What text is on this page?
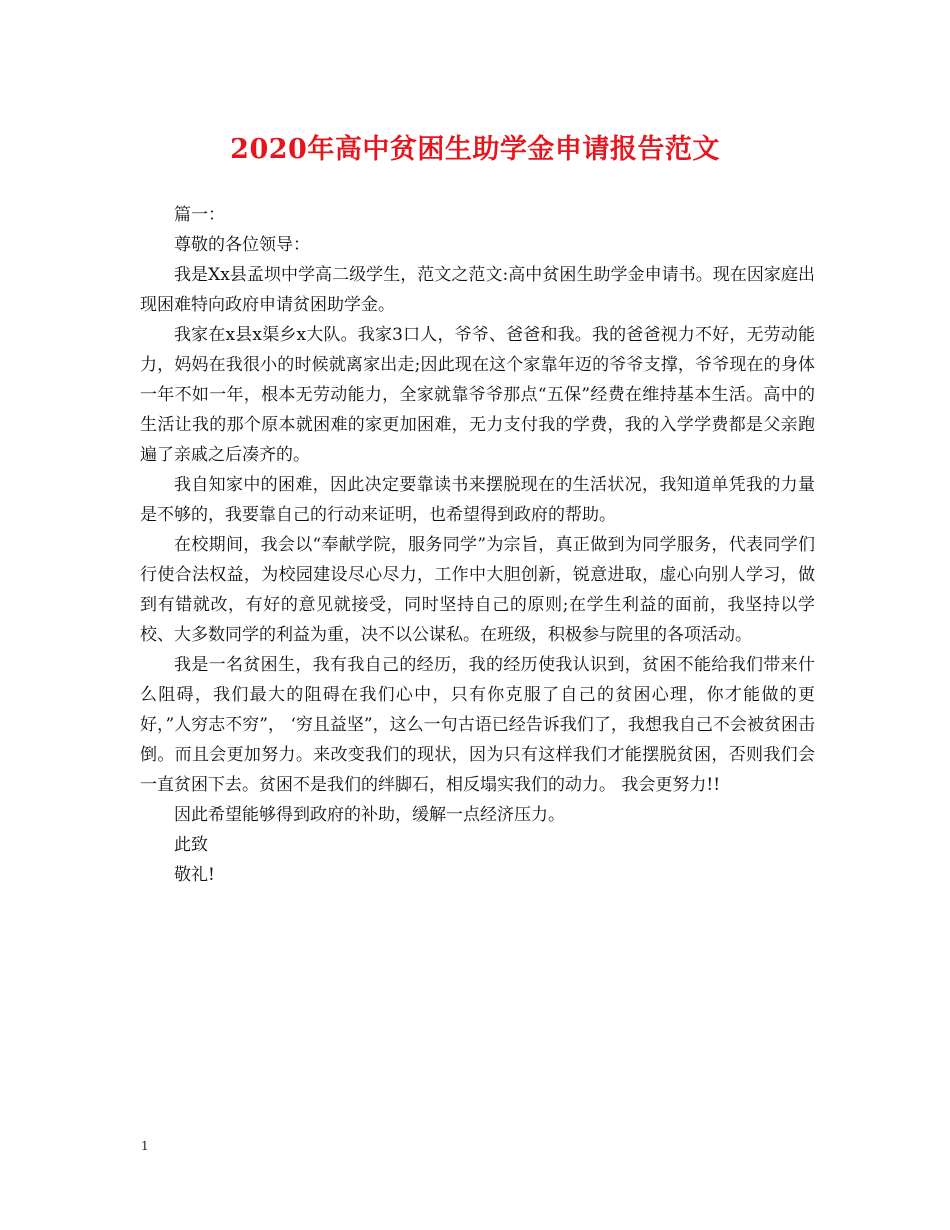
2020年高中贫困生助学金申请报告范文

篇一：

尊敬的各位领导：

我是Xx县孟坝中学高二级学生，范文之范文:高中贫困生助学金申请书。现在因家庭出现困难特向政府申请贫困助学金。

我家在x县x渠乡x大队。我家3口人，爷爷、爸爸和我。我的爸爸视力不好，无劳动能力，妈妈在我很小的时候就离家出走;因此现在这个家靠年迈的爷爷支撑，爷爷现在的身体一年不如一年，根本无劳动能力，全家就靠爷爷那点“五保”经费在维持基本生活。高中的生活让我的那个原本就困难的家更加困难，无力支付我的学费，我的入学学费都是父亲跑遍了亲戚之后凑齐的。

我自知家中的困难，因此决定要靠读书来摆脱现在的生活状况，我知道单凭我的力量是不够的，我要靠自己的行动来证明，也希望得到政府的帮助。

在校期间，我会以“奉献学院，服务同学”为宗旨，真正做到为同学服务，代表同学们行使合法权益，为校园建设尽心尽力，工作中大胆创新，锐意进取，虚心向别人学习，做到有错就改，有好的意见就接受，同时坚持自己的原则;在学生利益的面前，我坚持以学校、大多数同学的利益为重，决不以公谋私。在班级，积极参与院里的各项活动。

我是一名贫困生，我有我自己的经历，我的经历使我认识到，贫困不能给我们带来什么阻碍，我们最大的阻碍在我们心中，只有你克服了自己的贫困心理，你才能做的更好，”人穷志不穷”， ‘穷且益坚”，这么一句古语已经告诉我们了，我想我自己不会被贫困击倒。而且会更加努力。来改变我们的现状，因为只有这样我们才能摆脱贫困，否则我们会一直贫困下去。贫困不是我们的绊脚石，相反塌实我们的动力。 我会更努力!!

因此希望能够得到政府的补助，缓解一点经济压力。

此致

敬礼!

1
